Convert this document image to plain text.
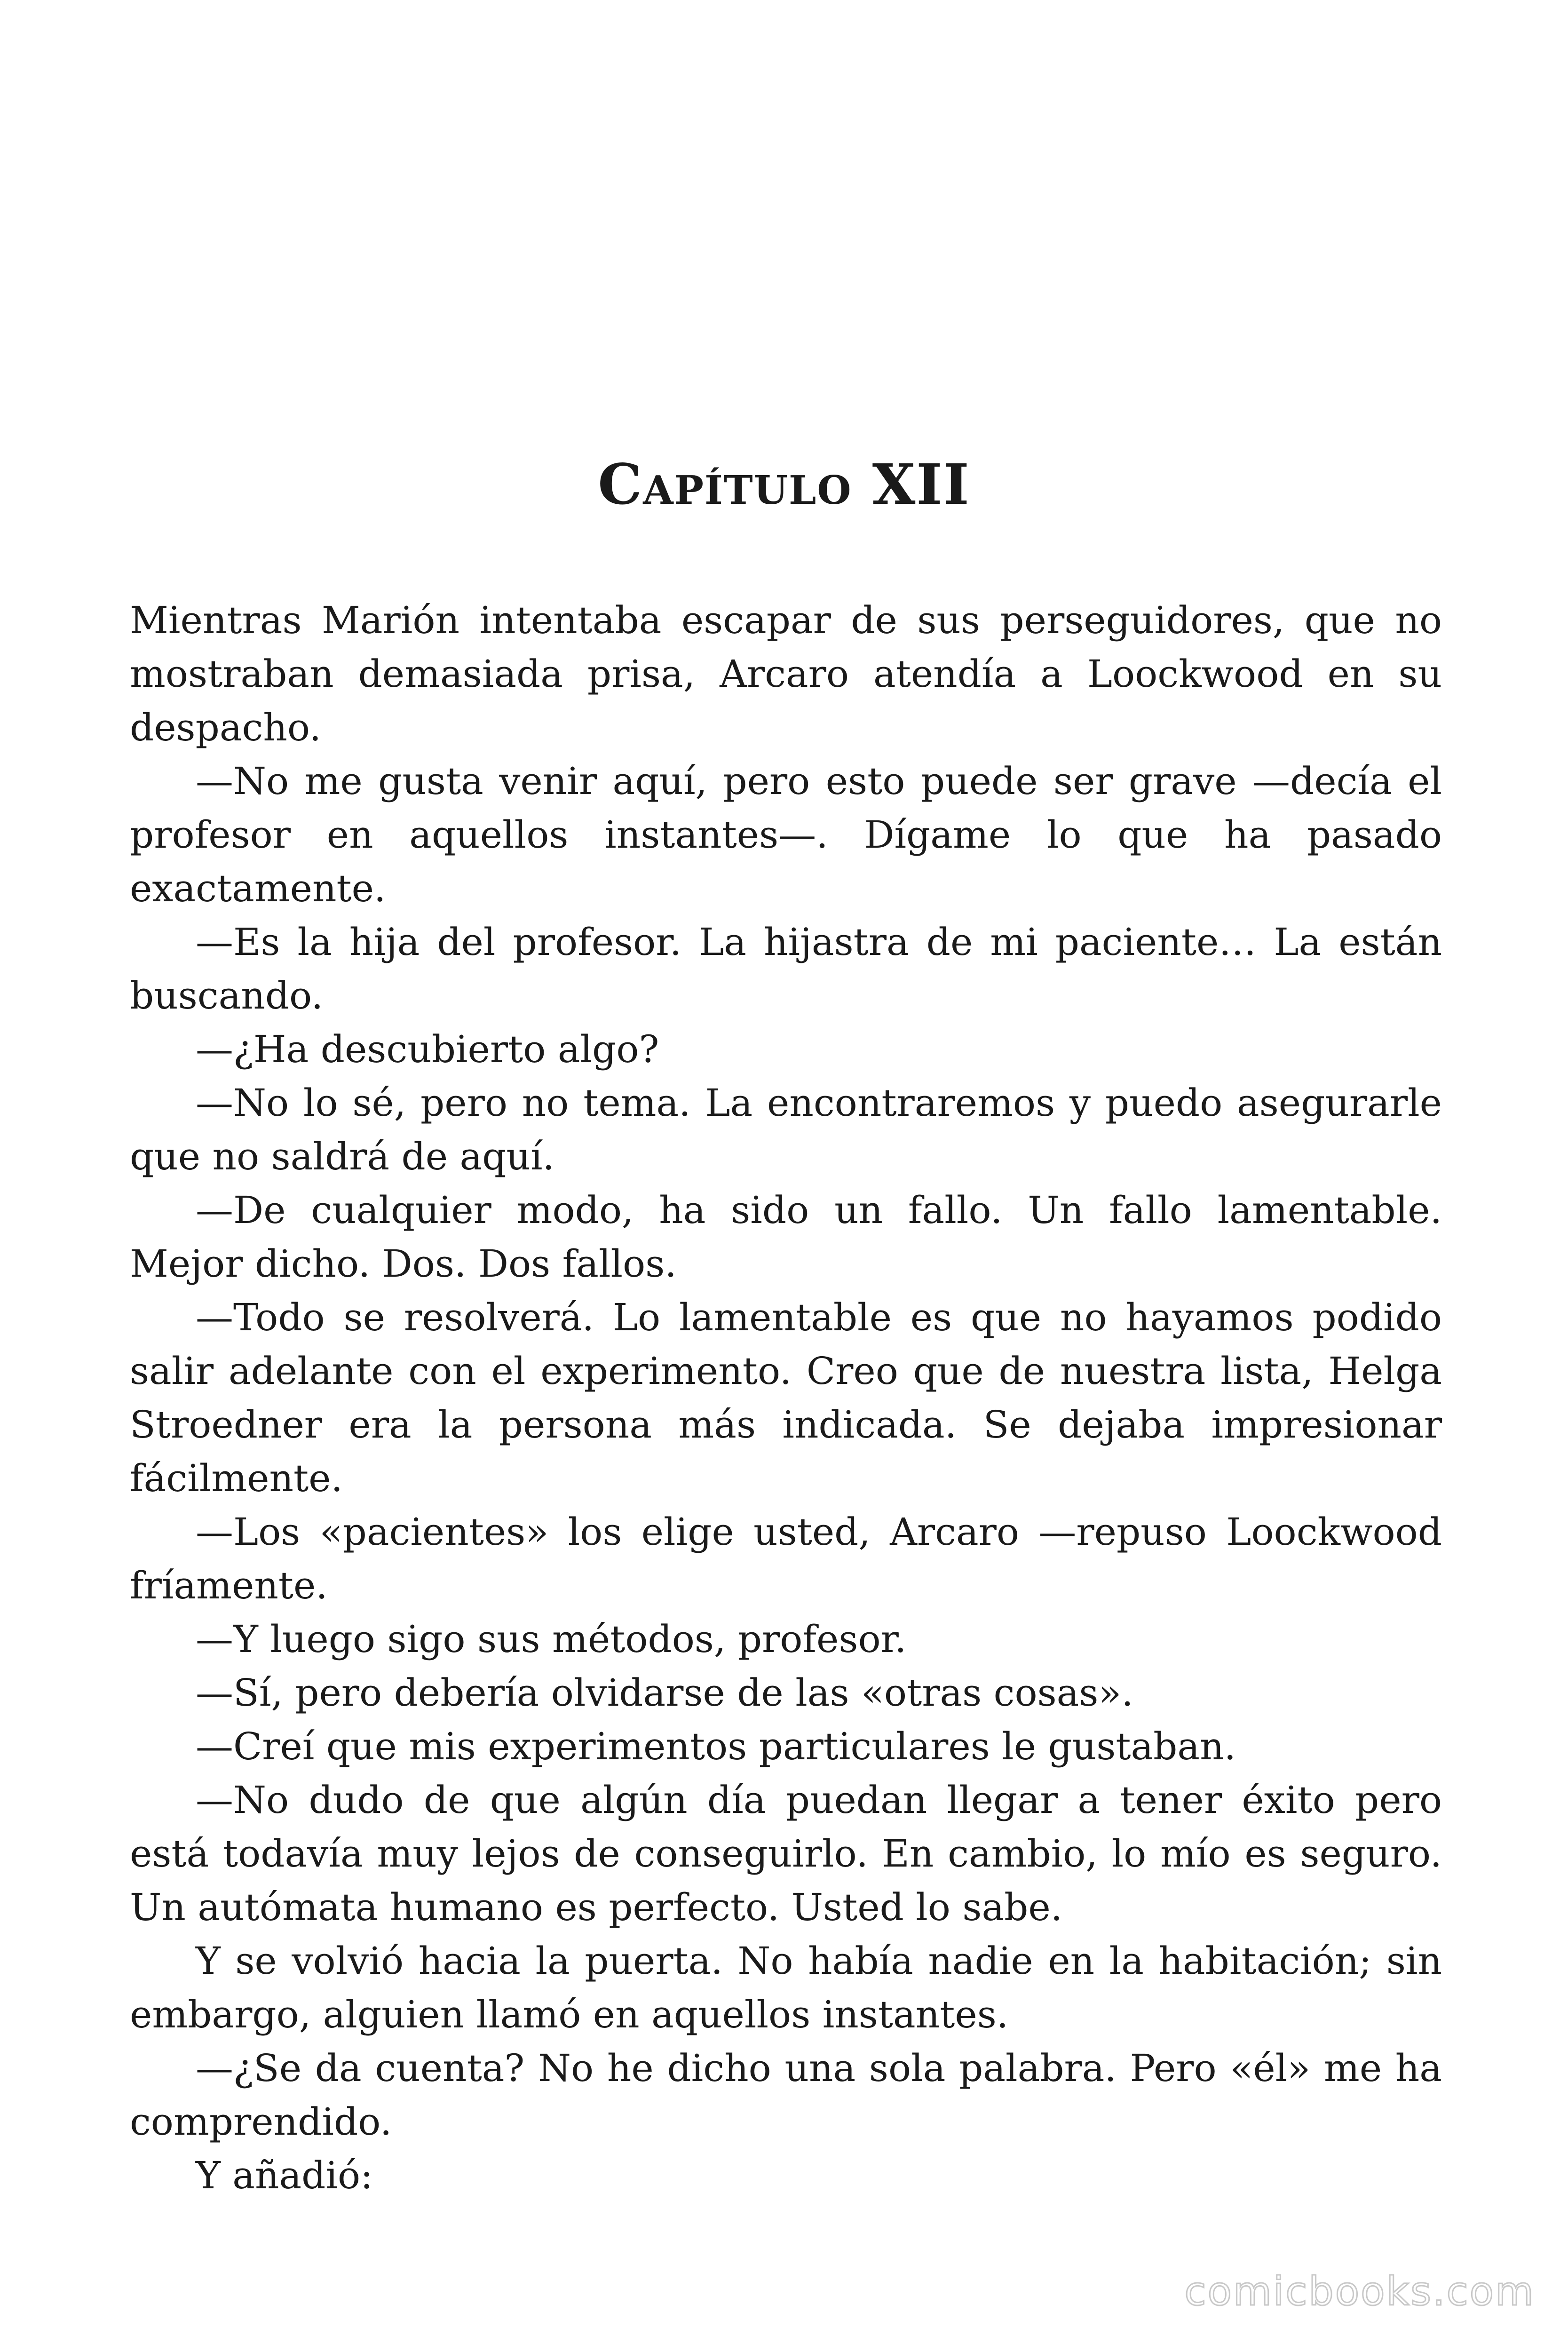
Capítulo XII

Mientras Marión intentaba escapar de sus perseguidores, que no mostraban demasiada prisa, Arcaro atendía a Loockwood en su despacho.

—No me gusta venir aquí, pero esto puede ser grave —decía el profesor en aquellos instantes—. Dígame lo que ha pasado exactamente.

—Es la hija del profesor. La hijastra de mi paciente… La están buscando.

—¿Ha descubierto algo?

—No lo sé, pero no tema. La encontraremos y puedo asegurarle que no saldrá de aquí.

—De cualquier modo, ha sido un fallo. Un fallo lamentable. Mejor dicho. Dos. Dos fallos.

—Todo se resolverá. Lo lamentable es que no hayamos podido salir adelante con el experimento. Creo que de nuestra lista, Helga Stroedner era la persona más indicada. Se dejaba impresionar fácilmente.

—Los «pacientes» los elige usted, Arcaro —repuso Loockwood fríamente.

—Y luego sigo sus métodos, profesor.

—Sí, pero debería olvidarse de las «otras cosas».

—Creí que mis experimentos particulares le gustaban.

—No dudo de que algún día puedan llegar a tener éxito pero está todavía muy lejos de conseguirlo. En cambio, lo mío es seguro. Un autómata humano es perfecto. Usted lo sabe.

Y se volvió hacia la puerta. No había nadie en la habitación; sin embargo, alguien llamó en aquellos instantes.

—¿Se da cuenta? No he dicho una sola palabra. Pero «él» me ha comprendido.

Y añadió:

comicbooks.com
